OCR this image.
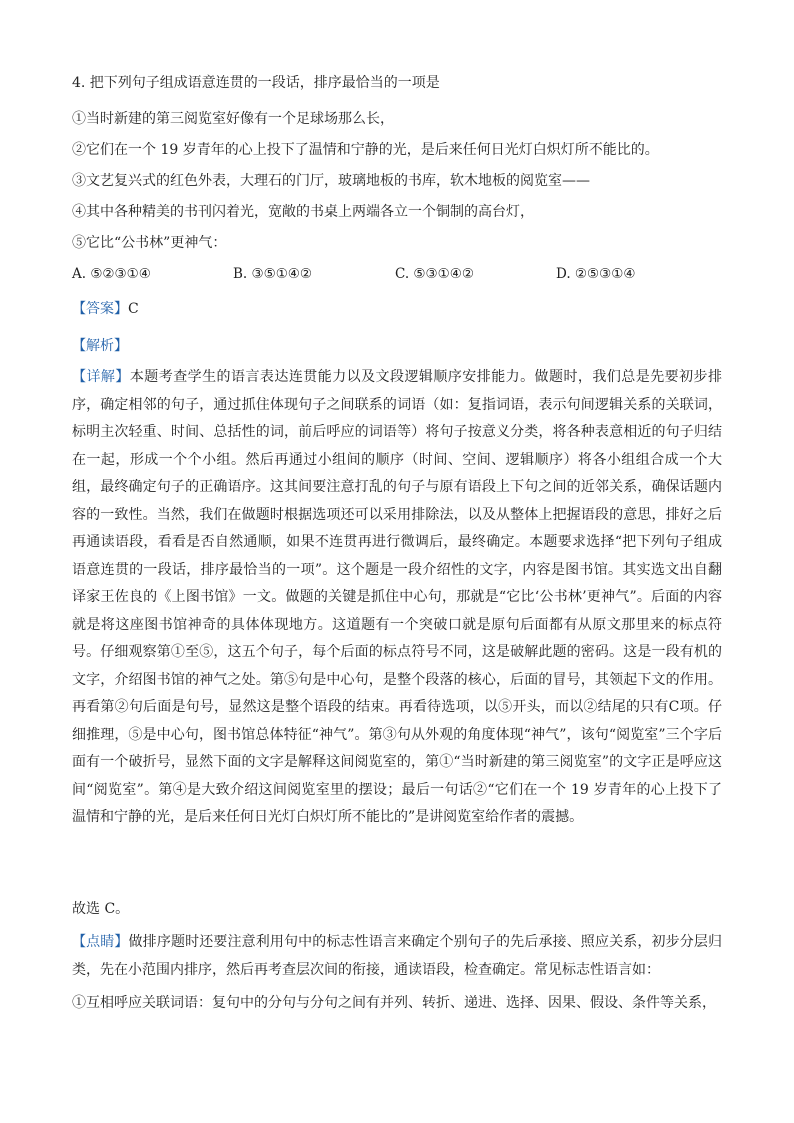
4. 把下列句子组成语意连贯的一段话，排序最恰当的一项是
①当时新建的第三阅览室好像有一个足球场那么长，
②它们在一个 19 岁青年的心上投下了温情和宁静的光，是后来任何日光灯白炽灯所不能比的。
③文艺复兴式的红色外表，大理石的门厅，玻璃地板的书库，软木地板的阅览室——
④其中各种精美的书刊闪着光，宽敞的书桌上两端各立一个铜制的高台灯，
⑤它比“公书林”更神气：
A. ⑤②③①④	B. ③⑤①④②	C. ⑤③①④②	D. ②⑤③①④
【答案】C
【解析】
【详解】本题考查学生的语言表达连贯能力以及文段逻辑顺序安排能力。做题时，我们总是先要初步排序，确定相邻的句子，通过抓住体现句子之间联系的词语（如：复指词语，表示句间逻辑关系的关联词，标明主次轻重、时间、总括性的词，前后呼应的词语等）将句子按意义分类，将各种表意相近的句子归结在一起，形成一个个小组。然后再通过小组间的顺序（时间、空间、逻辑顺序）将各小组组合成一个大组，最终确定句子的正确语序。这其间要注意打乱的句子与原有语段上下句之间的近邻关系，确保话题内容的一致性。当然，我们在做题时根据选项还可以采用排除法，以及从整体上把握语段的意思，排好之后再通读语段，看看是否自然通顺，如果不连贯再进行微调后，最终确定。本题要求选择“把下列句子组成语意连贯的一段话，排序最恰当的一项”。这个题是一段介绍性的文字，内容是图书馆。其实选文出自翻译家王佐良的《上图书馆》一文。做题的关键是抓住中心句，那就是“它比‘公书林’更神气”。后面的内容就是将这座图书馆神奇的具体体现地方。这道题有一个突破口就是原句后面都有从原文那里来的标点符号。仔细观察第①至⑤，这五个句子，每个后面的标点符号不同，这是破解此题的密码。这是一段有机的文字，介绍图书馆的神气之处。第⑤句是中心句，是整个段落的核心，后面的冒号，其领起下文的作用。再看第②句后面是句号，显然这是整个语段的结束。再看待选项，以⑤开头，而以②结尾的只有C项。仔细推理，⑤是中心句，图书馆总体特征“神气”。第③句从外观的角度体现“神气”，该句“阅览室”三个字后面有一个破折号，显然下面的文字是解释这间阅览室的，第①“当时新建的第三阅览室”的文字正是呼应这间“阅览室”。第④是大致介绍这间阅览室里的摆设；最后一句话②“它们在一个 19 岁青年的心上投下了温情和宁静的光，是后来任何日光灯白炽灯所不能比的”是讲阅览室给作者的震撼。
故选 C。
【点睛】做排序题时还要注意利用句中的标志性语言来确定个别句子的先后承接、照应关系，初步分层归类，先在小范围内排序，然后再考查层次间的衔接，通读语段，检查确定。常见标志性语言如：
①互相呼应关联词语：复句中的分句与分句之间有并列、转折、递进、选择、因果、假设、条件等关系，
